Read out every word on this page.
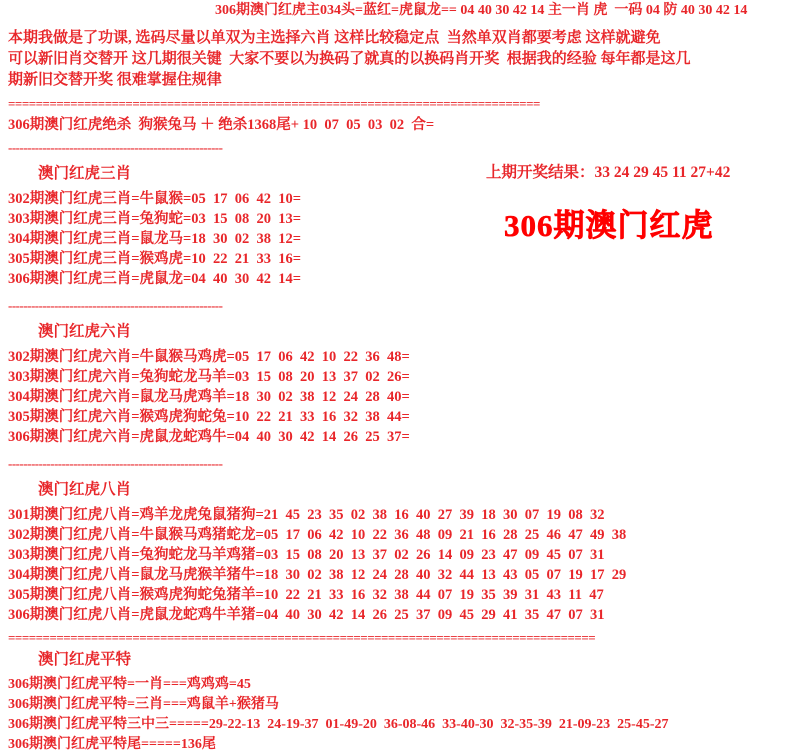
306期澳门红虎主034头=蓝红=虎鼠龙== 04 40 30 42 14 主一肖 虎  一码 04 防 40 30 42 14
本期我做是了功课, 选码尽量以单双为主选择六肖 这样比较稳定点  当然单双肖都要考虑 这样就避免
可以新旧肖交替开 这几期很关键  大家不要以为换码了就真的以换码肖开奖  根据我的经验 每年都是这几
期新旧交替开奖 很难掌握住规律
=============================================================================
306期澳门红虎绝杀  狗猴兔马 ＋ 绝杀1368尾+ 10  07  05  03  02  合=
--------------------------------------------------------
澳门红虎三肖
302期澳门红虎三肖=牛鼠猴=05  17  06  42  10=
303期澳门红虎三肖=兔狗蛇=03  15  08  20  13=
304期澳门红虎三肖=鼠龙马=18  30  02  38  12=
305期澳门红虎三肖=猴鸡虎=10  22  21  33  16=
306期澳门红虎三肖=虎鼠龙=04  40  30  42  14=
--------------------------------------------------------
澳门红虎六肖
302期澳门红虎六肖=牛鼠猴马鸡虎=05  17  06  42  10  22  36  48=
303期澳门红虎六肖=兔狗蛇龙马羊=03  15  08  20  13  37  02  26=
304期澳门红虎六肖=鼠龙马虎鸡羊=18  30  02  38  12  24  28  40=
305期澳门红虎六肖=猴鸡虎狗蛇兔=10  22  21  33  16  32  38  44=
306期澳门红虎六肖=虎鼠龙蛇鸡牛=04  40  30  42  14  26  25  37=
--------------------------------------------------------
澳门红虎八肖
301期澳门红虎八肖=鸡羊龙虎兔鼠猪狗=21  45  23  35  02  38  16  40  27  39  18  30  07  19  08  32
302期澳门红虎八肖=牛鼠猴马鸡猪蛇龙=05  17  06  42  10  22  36  48  09  21  16  28  25  46  47  49  38
303期澳门红虎八肖=兔狗蛇龙马羊鸡猪=03  15  08  20  13  37  02  26  14  09  23  47  09  45  07  31
304期澳门红虎八肖=鼠龙马虎猴羊猪牛=18  30  02  38  12  24  28  40  32  44  13  43  05  07  19  17  29
305期澳门红虎八肖=猴鸡虎狗蛇兔猪羊=10  22  21  33  16  32  38  44  07  19  35  39  31  43  11  47
306期澳门红虎八肖=虎鼠龙蛇鸡牛羊猪=04  40  30  42  14  26  25  37  09  45  29  41  35  47  07  31
=====================================================================================
澳门红虎平特
306期澳门红虎平特=一肖===鸡鸡鸡=45
306期澳门红虎平特=三肖===鸡鼠羊+猴猪马
306期澳门红虎平特三中三=====29-22-13  24-19-37  01-49-20  36-08-46  33-40-30  32-35-39  21-09-23  25-45-27
306期澳门红虎平特尾=====136尾
上期开奖结果：33 24 29 45 11 27+42
306期澳门红虎
